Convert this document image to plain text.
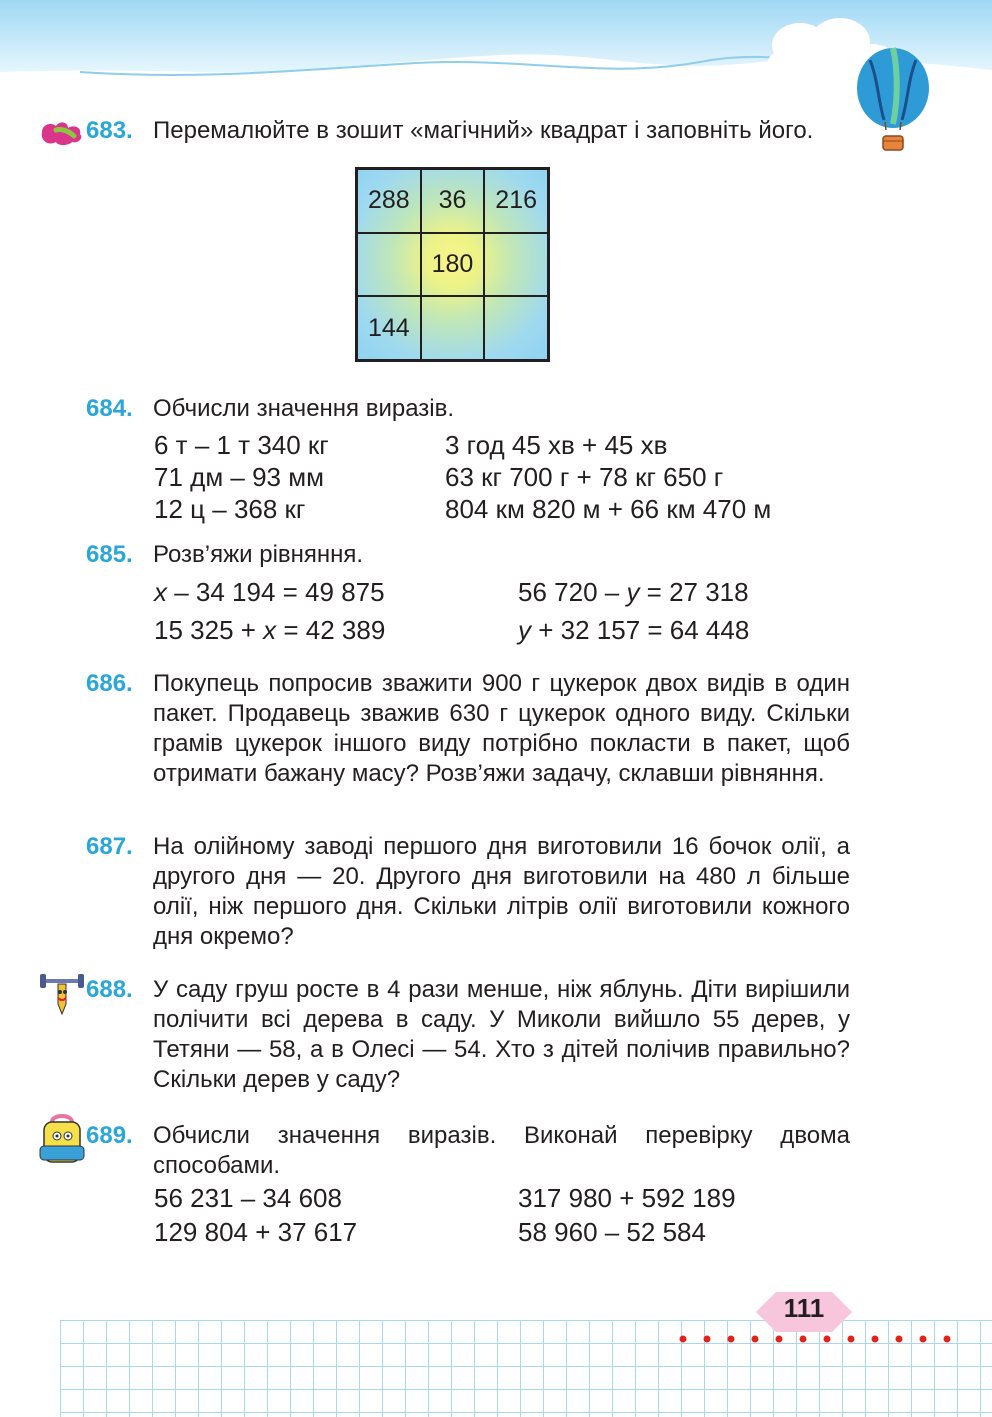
683. Перемалюйте в зошит «магічний» квадрат і заповніть його.
288	36	216
180
144
684. Обчисли значення виразів.
6 т – 1 т 340 кг
71 дм – 93 мм
12 ц – 368 кг
3 год 45 хв + 45 хв
63 кг 700 г + 78 кг 650 г
804 км 820 м + 66 км 470 м
685. Розв’яжи рівняння.
x – 34 194 = 49 875
15 325 + x = 42 389
56 720 – y = 27 318
y + 32 157 = 64 448
686. Покупець попросив зважити 900 г цукерок двох видів в один пакет. Продавець зважив 630 г цукерок одного виду. Скільки грамів цукерок іншого виду потрібно покласти в пакет, щоб отримати бажану масу? Розв’яжи задачу, склавши рівняння.
687. На олійному заводі першого дня виготовили 16 бочок олії, а другого дня — 20. Другого дня виготовили на 480 л більше олії, ніж першого дня. Скільки літрів олії виготовили кожного дня окремо?
688. У саду груш росте в 4 рази менше, ніж яблунь. Діти вирішили полічити всі дерева в саду. У Миколи вийшло 55 дерев, у Тетяни — 58, а в Олесі — 54. Хто з дітей полічив правильно? Скільки дерев у саду?
689. Обчисли значення виразів. Виконай перевірку двома способами.
56 231 – 34 608
129 804 + 37 617
317 980 + 592 189
58 960 – 52 584
111
